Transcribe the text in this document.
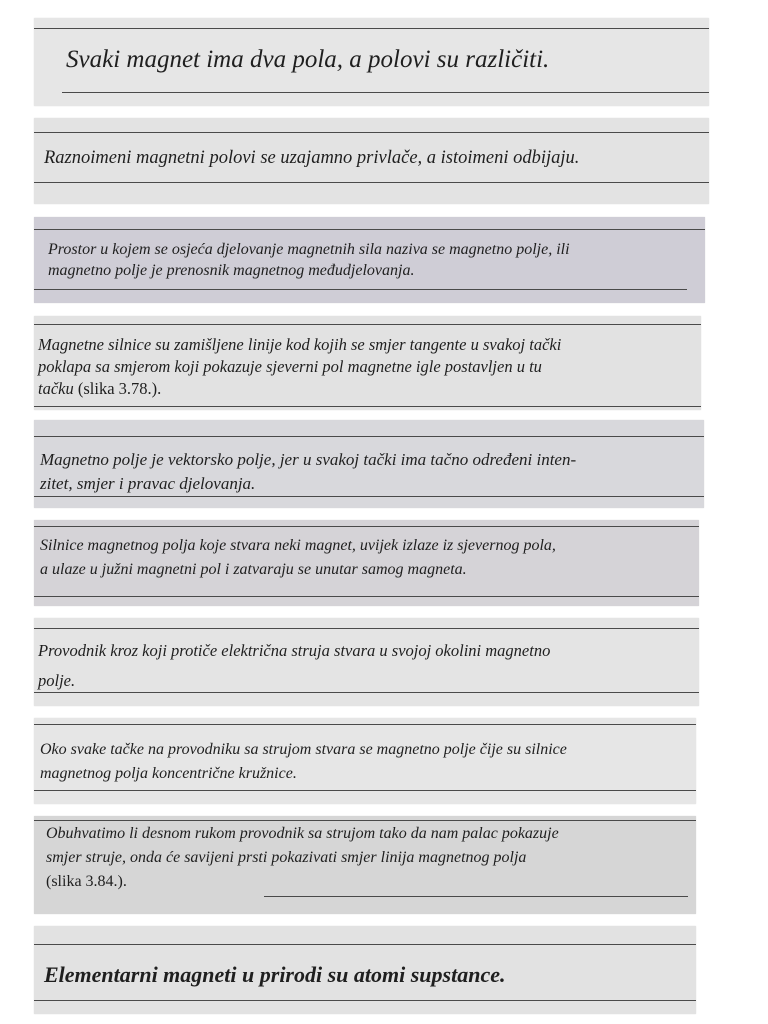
Svaki magnet ima dva pola, a polovi su različiti.

Raznoimeni magnetni polovi se uzajamno privlače, a istoimeni odbijaju.

Prostor u kojem se osjeća djelovanje magnetnih sila naziva se magnetno polje, ili
magnetno polje je prenosnik magnetnog međudjelovanja.
Magnetne silnice su zamišljene linije kod kojih se smjer tangente u svakoj tački
poklapa sa smjerom koji pokazuje sjeverni pol magnetne igle postavljen u tu
tačku (slika 3.78.).
Magnetno polje je vektorsko polje, jer u svakoj tački ima tačno određeni inten-
zitet, smjer i pravac djelovanja.
Silnice magnetnog polja koje stvara neki magnet, uvijek izlaze iz sjevernog pola,
a ulaze u južni magnetni pol i zatvaraju se unutar samog magneta.
Provodnik kroz koji protiče električna struja stvara u svojoj okolini magnetno
polje.
Oko svake tačke na provodniku sa strujom stvara se magnetno polje čije su silnice
magnetnog polja koncentrične kružnice.
Obuhvatimo li desnom rukom provodnik sa strujom tako da nam palac pokazuje
smjer struje, onda će savijeni prsti pokazivati smjer linija magnetnog polja
(slika 3.84.).

Elementarni magneti u prirodi su atomi supstance.
